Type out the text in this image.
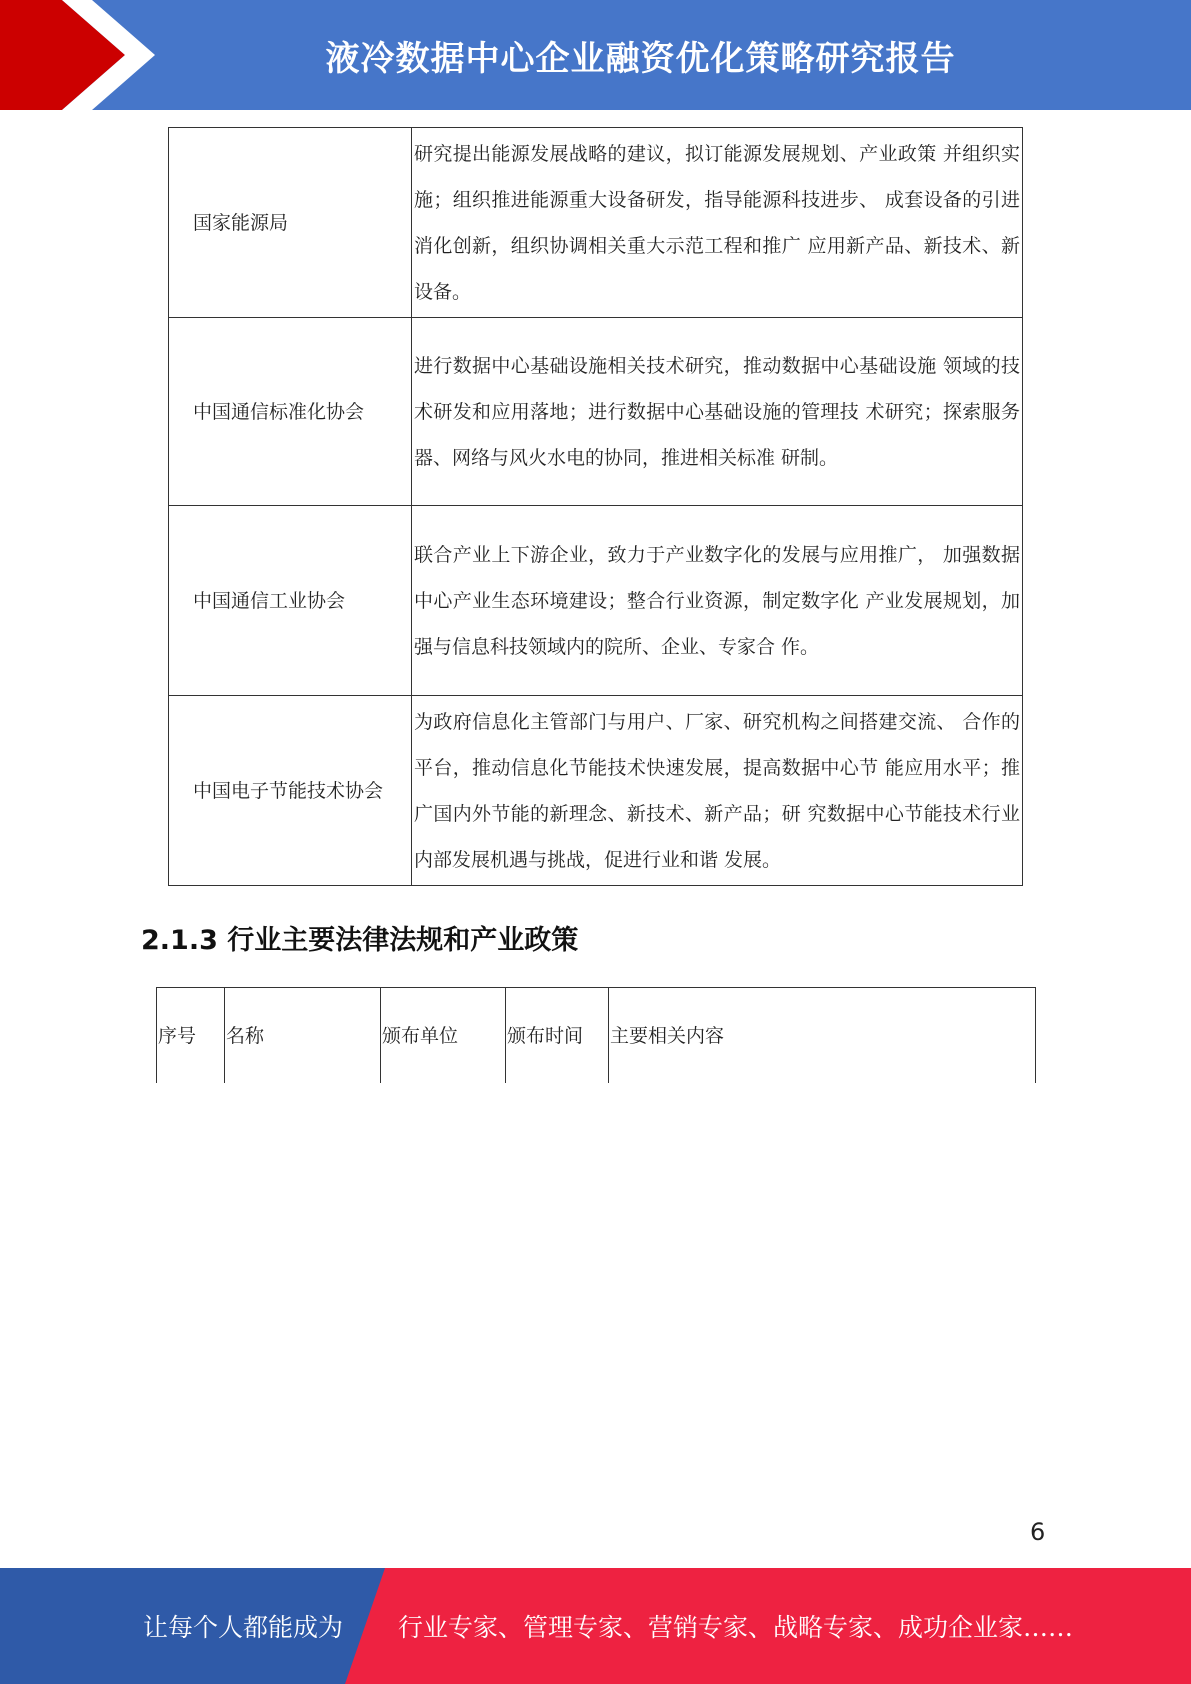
液冷数据中心企业融资优化策略研究报告
国家能源局	研究提出能源发展战略的建议，拟订能源发展规划、产业政策 并组织实施；组织推进能源重大设备研发，指导能源科技进步、 成套设备的引进消化创新，组织协调相关重大示范工程和推广 应用新产品、新技术、新设备。
中国通信标准化协会	进行数据中心基础设施相关技术研究，推动数据中心基础设施 领域的技术研发和应用落地；进行数据中心基础设施的管理技 术研究；探索服务器、网络与风火水电的协同，推进相关标准 研制。
中国通信工业协会	联合产业上下游企业，致力于产业数字化的发展与应用推广， 加强数据中心产业生态环境建设；整合行业资源，制定数字化 产业发展规划，加强与信息科技领域内的院所、企业、专家合 作。
中国电子节能技术协会	为政府信息化主管部门与用户、厂家、研究机构之间搭建交流、 合作的平台，推动信息化节能技术快速发展，提高数据中心节 能应用水平；推广国内外节能的新理念、新技术、新产品；研 究数据中心节能技术行业内部发展机遇与挑战，促进行业和谐 发展。
2.1.3 行业主要法律法规和产业政策
序号	名称	颁布单位	颁布时间	主要相关内容
6
让每个人都能成为 行业专家、管理专家、营销专家、战略专家、成功企业家……
